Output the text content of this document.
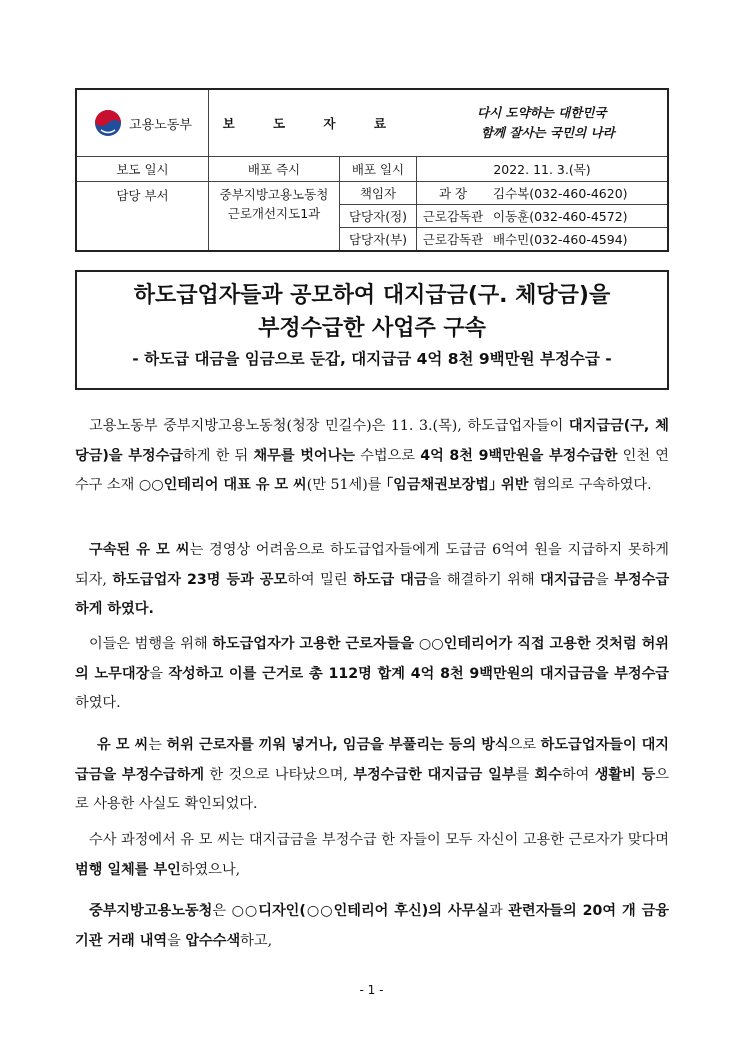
고용노동부	보 도 자 료		다시 도약하는 대한민국
함께 잘사는 국민의 나라	

보도 일시	배포 즉시	배포 일시	2022. 11. 3.(목)	
담당 부서	중부지방고용노동청
근로개선지도1과	책임자	과 장	김수복(032-460-4620)
		담당자(정)	근로감독관	이동훈(032-460-4572)
		담당자(부)	근로감독관	배수민(032-460-4594)
하도급업자들과 공모하여 대지급금(구. 체당금)을
부정수급한 사업주 구속
- 하도급 대금을 임금으로 둔갑, 대지급금 4억 8천 9백만원 부정수급 -
고용노동부 중부지방고용노동청(청장 민길수)은 11. 3.(목), 하도급업자들이 대지급금(구, 체당금)을 부정수급하게 한 뒤 채무를 벗어나는 수법으로 4억 8천 9백만원을 부정수급한 인천 연수구 소재 ○○인테리어 대표 유 모 씨(만 51세)를 ｢임금채권보장법｣ 위반 혐의로 구속하였다.
구속된 유 모 씨는 경영상 어려움으로 하도급업자들에게 도급금 6억여 원을 지급하지 못하게 되자, 하도급업자 23명 등과 공모하여 밀린 하도급 대금을 해결하기 위해 대지급금을 부정수급하게 하였다.
이들은 범행을 위해 하도급업자가 고용한 근로자들을 ○○인테리어가 직접 고용한 것처럼 허위의 노무대장을 작성하고 이를 근거로 총 112명 합계 4억 8천 9백만원의 대지급금을 부정수급하였다.
유 모 씨는 허위 근로자를 끼워 넣거나, 임금을 부풀리는 등의 방식으로 하도급업자들이 대지급금을 부정수급하게 한 것으로 나타났으며, 부정수급한 대지급금 일부를 회수하여 생활비 등으로 사용한 사실도 확인되었다.
수사 과정에서 유 모 씨는 대지급금을 부정수급 한 자들이 모두 자신이 고용한 근로자가 맞다며 범행 일체를 부인하였으나,
중부지방고용노동청은 ○○디자인(○○인테리어 후신)의 사무실과 관련자들의 20여 개 금융기관 거래 내역을 압수수색하고,
- 1 -
